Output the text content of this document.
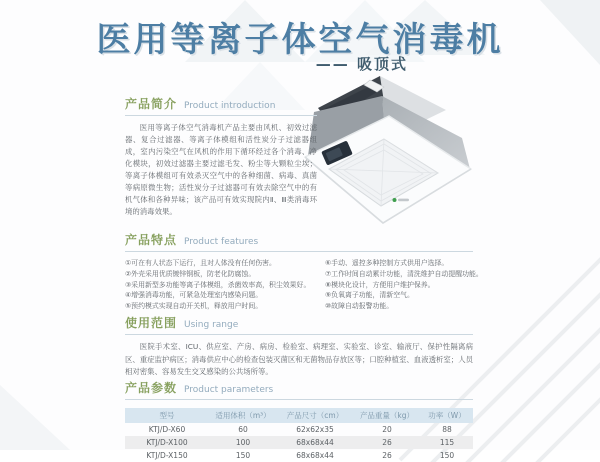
医用等离子体空气消毒机
—— 吸顶式
产品简介 Product introduction
医用等离子体空气消毒机产品主要由风机、初效过滤器、复合过滤器、等离子体模组和活性炭分子过滤器组成，室内污染空气在风机的作用下循环经过各个消毒、净化模块，初效过滤器主要过滤毛发、粉尘等大颗粒尘埃；等离子体模组可有效杀灭空气中的各种细菌、病毒、真菌等病原微生物；活性炭分子过滤器可有效去除空气中的有机气体和各种异味；该产品可有效实现院内Ⅱ、Ⅲ类消毒环境的消毒效果。
产品特点 Product features
①可在有人状态下运行，且对人体没有任何伤害。
②外壳采用优质镀锌钢板，防老化防腐蚀。
③采用新型多功能等离子体模组，杀菌效率高，积尘效果好。
④增强消毒功能，可紧急处理室内感染问题。
⑤预约模式实现自动开关机，释放用户时间。
⑥手动、遥控多种控制方式供用户选择。
⑦工作时间自动累计功能，清洗维护自动提醒功能。
⑧模块化设计，方便用户维护保养。
⑨负氧离子功能，清新空气。
⑩故障自动报警功能。
使用范围 Using range
医院手术室、ICU、供应室、产房、病房、检验室、病理室、实验室、诊室、输液厅、保护性隔离病区、重症监护病区；消毒供应中心的检查包装灭菌区和无菌物品存放区等；口腔种植室、血液透析室；人员相对密集、容易发生交叉感染的公共场所等。
产品参数 Product parameters
型号	适用体积（m³）	产品尺寸（cm）	产品重量（kg）	功率（W）
KTJ/D-X60	60	62x62x35	20	88
KTJ/D-X100	100	68x68x44	26	115
KTJ/D-X150	150	68x68x44	26	150
